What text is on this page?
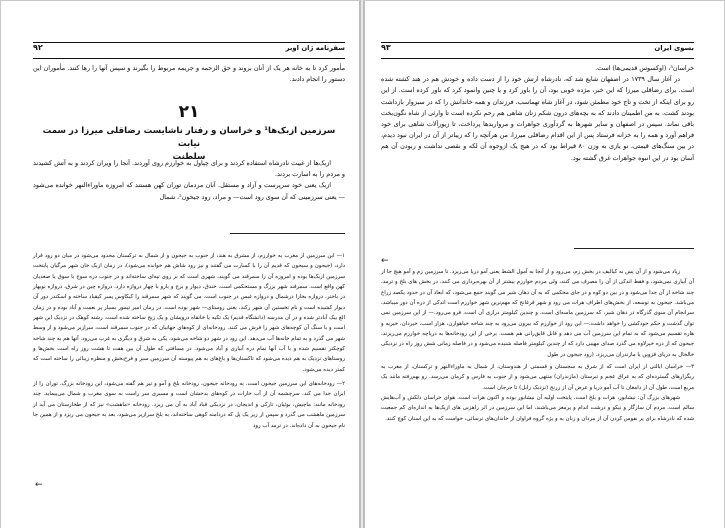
سفرنامه ژان اوبر
۹۲

مأمور کرد تا به خانه هر یک از آنان بروند و حق الزحمه و جریمه مربوط را بگیرند و سپس آنها را رها کنند. مأموران این دستور را انجام دادند.

۲۱
سرزمین ازبک‌ها¹ و خراسان و رفتار ناشایست رضاقلی میرزا در سمت نیابت
سلطنت

ازبک‌ها از غیبت نادرشاه استفاده کردند و برای چپاول به خوارزم روی آوردند. آنجا را ویران کردند و به آتش کشیدند و مردم را به اسارت بردند.

ازبک یعنی خود سرپرست و آزاد و مستقل. آنان مردمان توران کهن هستند که امروزه ماوراءالنهر خوانده می‌شود— یعنی سرزمینی که آن سوی رود است— و مراد، رود جیحون²، شمال

۱— این سرزمین از مغرب به خوارزم، از مشرق به هند، از جنوب به جیحون و از شمال به ترکستان محدود می‌شود در میان دو رود قرار دارد، (جیحون و سیحون که قدیم آن را با کسارت می گفتند و نیز رود شاش هم خوانده می‌شود)، در زمان ازبک خان شهر مرگیان پایتخت سرزمین ازبک‌ها بوده و امروزه آن را سمرقند می گویند، شهری است که بر روی تپه‌ای ساخته‌اند و در جنوب دره سوج با سوق یا صغدیان کهن واقع است. سمرقند شهر بزرگ و مستحکمی است. خندق، دیوار و برج و بارو با چهار دروازه دارد. دروازه چین در شرق، دروازه نوبهار در باختر، دروازه بخارا درشمال و دروازه غیس در جنوب است. می گویند که شهر سمرقند را کیکاوس پسر کیقباد ساخته و اسکندر دور آن دیوار کشیده است و نام نخستین آن شهر رکند، یعنی روستای— شهر بوده است. در زمان امیر تیمور بسیار پر نعمت و آباد بوده و در زمان الغ بیک آبادتر شده و در آن مدرسه (دانشگاه قدیم) یک تکیه یا خانقاه درویشان و یک زیج ساخته شده است. رشته کوهک در نزدیک این شهر است و با سنگ آن کوچه‌های شهر را فرش می کنند. رودخانه‌ای از کوه‌های جهانیان که در جنوب سمرقند است، سرازیر می‌شود و از وسط شهر می گذرد و به تمام خانه‌ها آب می‌دهد. این رود در شهر دو شاخه می‌شود، یکی به شرق و دیگری به غرب می‌رود. آنها هم به چند شاخه کوچکتر تقسیم شده و با آب آنها تمام دره آبیاری و آباد می‌شود. در مسافتی که طول آن بین هفت تا هشت روز راه است بخش‌ها و روستاهای نزدیک به هم دیده می‌شود که تاکستان‌ها و باغ‌های به هم پیوسته آن سرزمین سبز و فرح‌بخش و منظره زیبائی را ساخته است که کمتر دیده می‌شود.

۲— رودخانه‌های این سرزمین جیحون است. به رودخانه جیحون، رودخانه بلخ و آمو و تیر هم گفته می‌شود، این رودخانه بزرگ، توران را از ایران جدا می کند. سرچشمه آن از آب خارات در کوه‌های بدخشان است و مسیری سر راست به سوی مغرب و شمال می‌پیماید. چند رودخانه مانند: ماچیش، بوئیان، تارکی و اندیجان، در نزدیکی قباد آباد به آن می ریزد. رودخانه «ماهشب» نیز که از طخارستان می آید از سرزمین ماهشب می گذرد و سپس از زیر یک پل که دردامنه کوهی ساخته‌اند، به بلخ سرازیر می‌شود، بعد به جیحون می ریزد و از همین جا نام جیحون به آن داده‌اند. در ترمد آب رود

←
بسوی ایران
۹۳

خراسان³، (اوکسوس قدیمی‌ها) است.

در آغاز سال ۱۷۳۹ در اصفهان شایع شد که، نادرشاه ارتش خود را از دست داده و خودش هم در هند کشته شده است. برای رضاقلی میرزا که این خبر، مژده خوبی بود، آن را باور کرد و یا چنین وانمود کرد که باور کرده است. از این رو برای اینکه از تخت و تاج خود مطمئن شود، در آغاز شاه تهماسب، فرزندان و همه خاندانش را که در سبزوار بازداشت بودند کشت. به من اطمینان دادند که به بچه‌های درون شکم زنان شاهی هم رحم نکرده است تا وارثی از شاه نگون‌بخت باقی نماند. سپس در اصفهان و سایر شهرها به گردآوری جواهرات و مروارید‌ها پرداخت، تا زیورآلات شاهی برای خود فراهم آورد و همه را به خزانه فرستاد پس از این اقدام رضاقلی میرزا، من هرآنچه را که زیباتر از آن در ایران نبود دیدم، در بین سنگ‌های قیمتی، نو یازی به وزن ۸۰ قیراط بود که در هیچ یک ازوجوه آن لکه و نقصی نداشت و ربودن آن هم آسان بود در این انبوه جواهرات غرق گشته بود.

←

زیاد می‌شود و از آن پس به کیالیف در بخش زم، می‌رود و از آنجا به آمول الشط یعنی آمو دریا می‌ریزد. تا سرزمین زم و آمو هیچ جا از آن آبیاری نمی‌شود، و فقط اندکی از آن را مصرف می کنند، ولی مردم خوارزم بیشتر از آن بهره‌برداری می کنند. در بخش های بلخ و ترمد، چند شاخه از آن جدا می‌شود و در بین دو کوه و در جای محکمی که به آن دهان شیر می گویند جمع می‌شود، که ابعاد آن در حدود یکصد زراع می‌باشد. جیحون به توسعه، از بخش‌های اطراف هرات می رود و شهر فرغانج که مهم‌ترین شهر خوارزم است اندکی از دره آن دور میباشد، سرانجام آن سوی گذرگاه در دهان شیر، که سرزمین ماسه‌ای است، و چندین کیلومتر درازی آن است، فرو می‌رود.— از این سرزمین نمی توان گذشت و حکم خودکشی را خواهد داشت.— این رود از خوارزم که بیرون می‌رود به چند شاخه خیاهوارن، هزار اسب، خیردان، خیریه و هاره تقسیم می‌شود که به تمام این سرزمین آب می دهد و قابل قایق‌رانی هم هست. برخی از این رودخانه‌ها به دریاچه خوارزم می‌ریزند، جیحون که از دره خیرلاوه می گذرد صدای مهیبی دارد که از چندین کیلومتر فاصله شنیده می‌شود و در فاصله زمانی شش روز راه در نزدیکی خالخال به دریای قزوین یا مازندران می‌ریزد. (رود جیحون در طول

۳— خراسان ایالتی از ایران است که از شرق به سجستان و قسمتی از هندوستان، از شمال به ماوراءالنهر و ترکستان، از مغرب به ریگزارهای گسترده‌ای که به عراق عجم و تبرستان (مازندران) منتهی می‌شود و از جنوب به فارس و کرمان می‌رسد. رو بهم‌رفته مانند یک مربع است، طول آن از دامغان تا آب آمو دریا و عرض آن از زرنج (نزدیک زابل) تا جرجان است.

شهرهای بزرگ آن: نیشابور، هرات و بلخ است. پایتخت اولیه آن نیشابور بوده و اکنون هرات است. هوای خراسان دلکش و آب‌هایش سالم است. مردم آن سازگار و نیکو و درشت اندام و پرمغز می‌باشند، اما این سرزمین در اثر راهزنی های ازبک‌ها به اندازه‌ای کم جمعیت شده که نادرشاه برای پر نفوس کردن آن از مردان و زنان به و یژه گروه فراوان از خاندان‌های ترسائی، خواست که به این استان کوچ کنند.
